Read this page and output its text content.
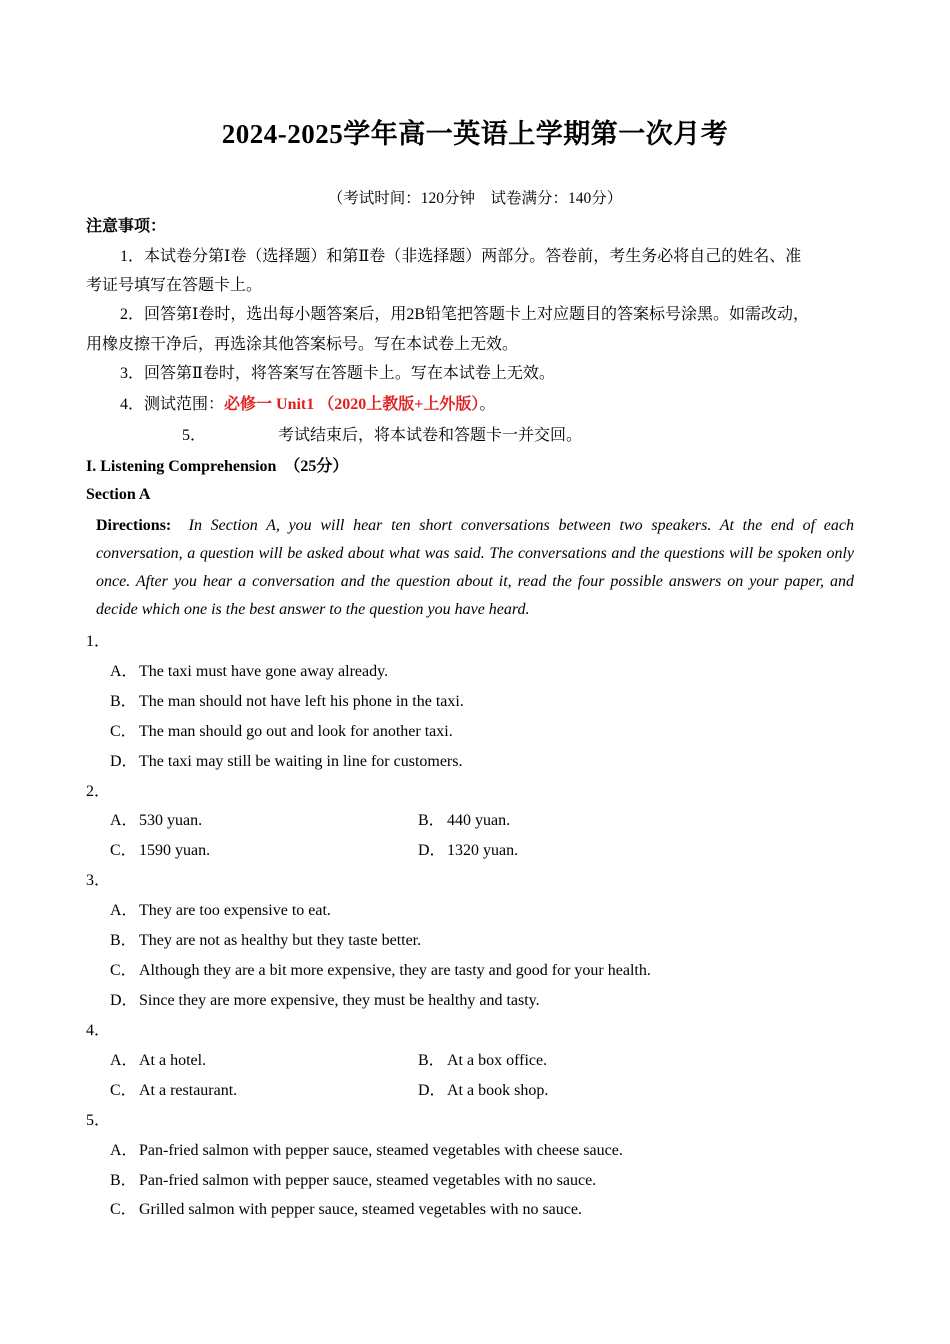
2024-2025学年高一英语上学期第一次月考
（考试时间：120分钟　试卷满分：140分）
注意事项：
1．本试卷分第Ⅰ卷（选择题）和第Ⅱ卷（非选择题）两部分。答卷前，考生务必将自己的姓名、准
考证号填写在答题卡上。
2．回答第Ⅰ卷时，选出每小题答案后，用2B铅笔把答题卡上对应题目的答案标号涂黑。如需改动，
用橡皮擦干净后，再选涂其他答案标号。写在本试卷上无效。
3．回答第Ⅱ卷时，将答案写在答题卡上。写在本试卷上无效。
4．测试范围：必修一 Unit1 （2020上教版+上外版）。
5．	考试结束后，将本试卷和答题卡一并交回。
I. Listening Comprehension　（25分）
Section A
Directions: In Section A, you will hear ten short conversations between two speakers. At the end of each conversation, a question will be asked about what was said. The conversations and the questions will be spoken only once. After you hear a conversation and the question about it, read the four possible answers on your paper, and decide which one is the best answer to the question you have heard.
1．
A．The taxi must have gone away already.
B． The man should not have left his phone in the taxi.
C． The man should go out and look for another taxi.
D．The taxi may still be waiting in line for customers.
2．
A．530 yuan.	B． 440 yuan.
C． 1590 yuan.	D．1320 yuan.
3．
A．They are too expensive to eat.
B． They are not as healthy but they taste better.
C． Although they are a bit more expensive, they are tasty and good for your health.
D．Since they are more expensive, they must be healthy and tasty.
4．
A．At a hotel.	B． At a box office.
C． At a restaurant.	D．At a book shop.
5．
A．Pan-fried salmon with pepper sauce, steamed vegetables with cheese sauce.
B． Pan-fried salmon with pepper sauce, steamed vegetables with no sauce.
C． Grilled salmon with pepper sauce, steamed vegetables with no sauce.
